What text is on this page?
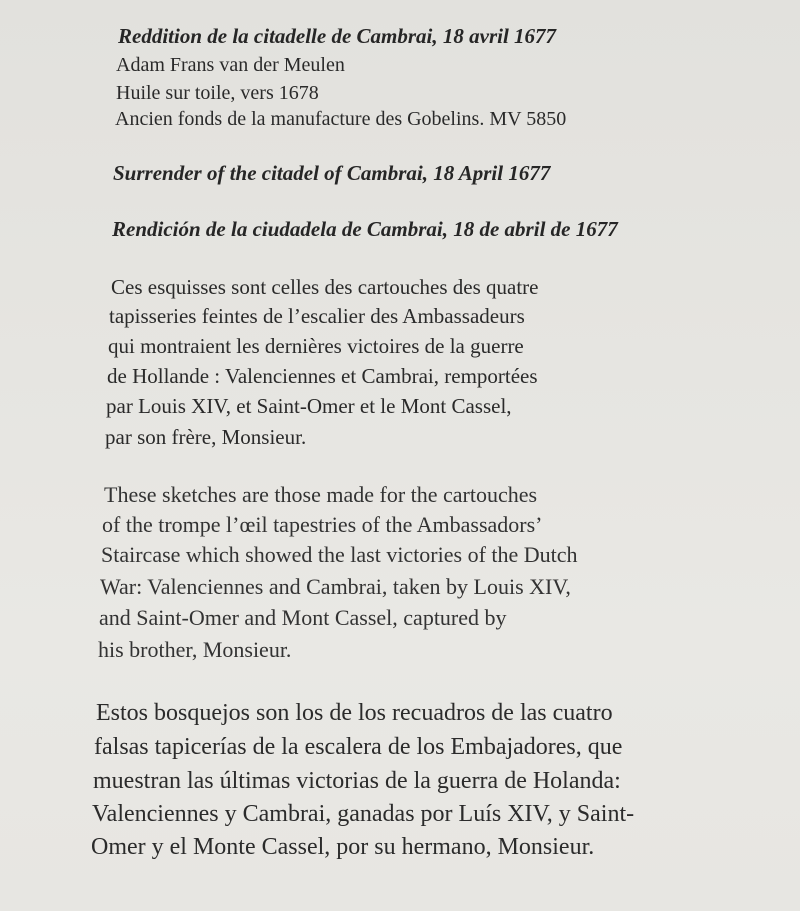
Reddition de la citadelle de Cambrai, 18 avril 1677
Adam Frans van der Meulen
Huile sur toile, vers 1678
Ancien fonds de la manufacture des Gobelins. MV 5850
Surrender of the citadel of Cambrai, 18 April 1677
Rendición de la ciudadela de Cambrai, 18 de abril de 1677
Ces esquisses sont celles des cartouches des quatre
tapisseries feintes de l’escalier des Ambassadeurs
qui montraient les dernières victoires de la guerre
de Hollande : Valenciennes et Cambrai, remportées
par Louis XIV, et Saint-Omer et le Mont Cassel,
par son frère, Monsieur.
These sketches are those made for the cartouches
of the trompe l’œil tapestries of the Ambassadors’
Staircase which showed the last victories of the Dutch
War: Valenciennes and Cambrai, taken by Louis XIV,
and Saint-Omer and Mont Cassel, captured by
his brother, Monsieur.
Estos bosquejos son los de los recuadros de las cuatro
falsas tapicerías de la escalera de los Embajadores, que
muestran las últimas victorias de la guerra de Holanda:
Valenciennes y Cambrai, ganadas por Luís XIV, y Saint-
Omer y el Monte Cassel, por su hermano, Monsieur.
